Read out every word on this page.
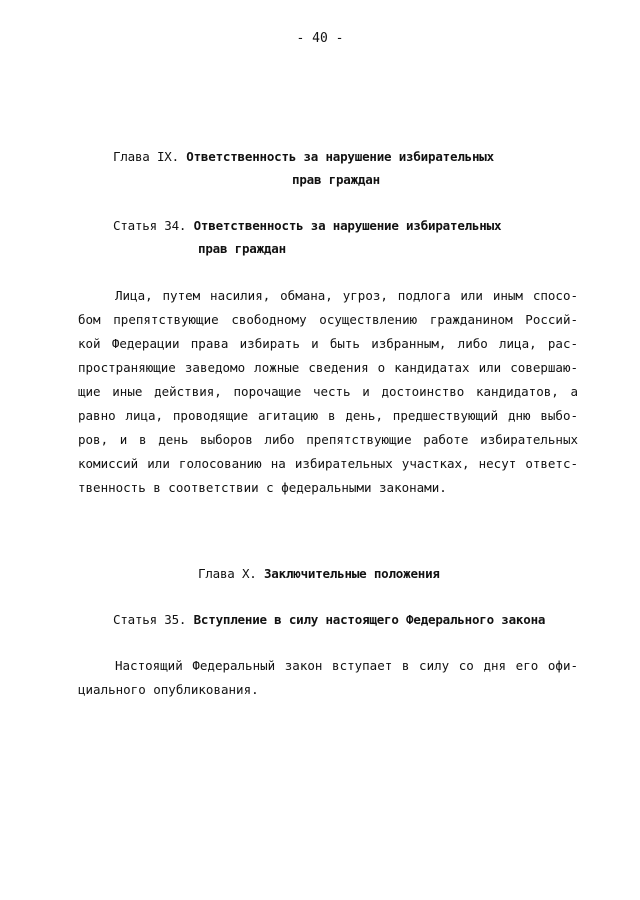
- 40 -
Глава IX. Ответственность за нарушение избирательных
прав граждан
Статья 34. Ответственность за нарушение избирательных
прав граждан
Лица, путем насилия, обмана, угроз, подлога или иным спосо-
бом препятствующие свободному осуществлению гражданином Россий-
кой Федерации права избирать и быть избранным, либо лица, рас-
пространяющие заведомо ложные сведения о кандидатах или совершаю-
щие иные действия, порочащие честь и достоинство кандидатов, а
равно лица, проводящие агитацию в день, предшествующий дню выбо-
ров, и в день выборов либо препятствующие работе избирательных
комиссий или голосованию на избирательных участках, несут ответс-
твенность в соответствии с федеральными законами.
Глава X. Заключительные положения
Статья 35. Вступление в силу настоящего Федерального закона
Настоящий Федеральный закон вступает в силу со дня его офи-
циального опубликования.
